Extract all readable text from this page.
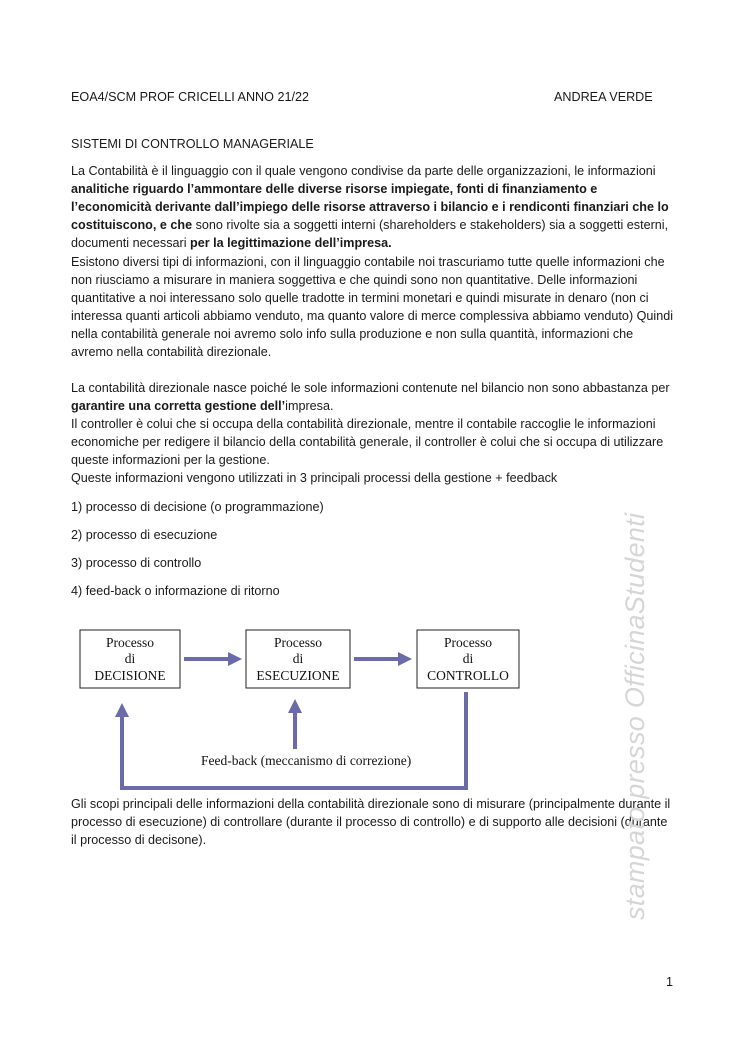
EOA4/SCM PROF CRICELLI ANNO 21/22	ANDREA VERDE
SISTEMI DI CONTROLLO MANAGERIALE

La Contabilità è il linguaggio con il quale vengono condivise da parte delle organizzazioni, le informazioni analitiche riguardo l’ammontare delle diverse risorse impiegate, fonti di finanziamento e l’economicità derivante dall’impiego delle risorse attraverso i bilancio e i rendiconti finanziari che lo costituiscono, e che sono rivolte sia a soggetti interni (shareholders e stakeholders) sia a soggetti esterni, documenti necessari per la legittimazione dell’impresa.

Esistono diversi tipi di informazioni, con il linguaggio contabile noi trascuriamo tutte quelle informazioni che non riusciamo a misurare in maniera soggettiva e che quindi sono non quantitative. Delle informazioni quantitative a noi interessano solo quelle tradotte in termini monetari e quindi misurate in denaro (non ci interessa quanti articoli abbiamo venduto, ma quanto valore di merce complessiva abbiamo venduto) Quindi nella contabilità generale noi avremo solo info sulla produzione e non sulla quantità, informazioni che avremo nella contabilità direzionale.

La contabilità direzionale nasce poiché le sole informazioni contenute nel bilancio non sono abbastanza per garantire una corretta gestione dell’impresa.

Il controller è colui che si occupa della contabilità direzionale, mentre il contabile raccoglie le informazioni economiche per redigere il bilancio della contabilità generale, il controller è colui che si occupa di utilizzare queste informazioni per la gestione.

Queste informazioni vengono utilizzati in 3 principali processi della gestione + feedback

1) processo di decisione (o programmazione)
2) processo di esecuzione
3) processo di controllo
4) feed-back o informazione di ritorno
Processo
di
DECISIONE
Processo
di
ESECUZIONE
Processo
di
CONTROLLO
Feed-back (meccanismo di correzione)

Gli scopi principali delle informazioni della contabilità direzionale sono di misurare (principalmente durante il processo di esecuzione) di controllare (durante il processo di controllo) e di supporto alle decisioni (durante il processo di decisone).	stampato presso OfficinaStudenti
1
